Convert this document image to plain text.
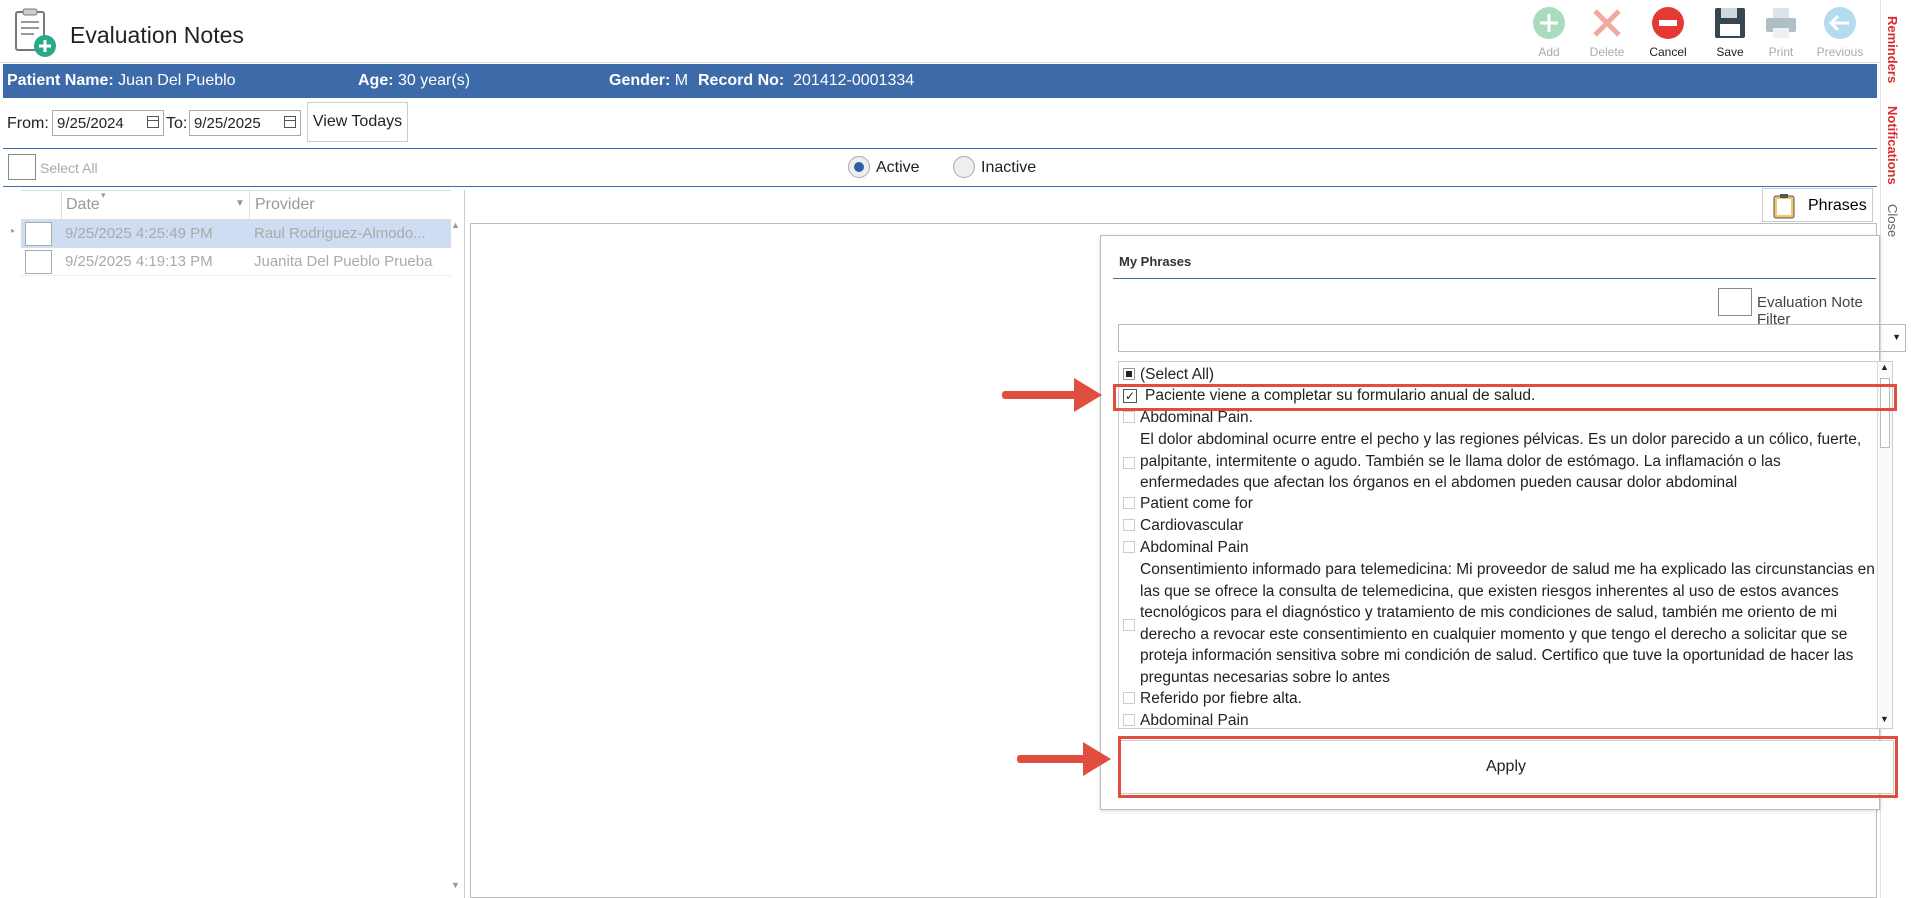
Evaluation Notes
Add	Delete	Cancel	Save	Print	Previous	Reminders
Notifications
Close
Patient Name: Juan Del Pueblo	Age: 30 year(s)	Gender: M Record No: 201412-0001334
From: 9/25/2024	To: 9/25/2025	View Todays
Select All	Active	Inactive
Date
▾
▼ Provider
▸	9/25/2025 4:25:49 PM	Raul Rodriguez-Almodo...
9/25/2025 4:19:13 PM	Juanita Del Pueblo Prueba
▲
▼
Phrases
My Phrases
Evaluation Note Filter
▼
(Select All)
✓ Paciente viene a completar su formulario anual de salud.
Abdominal Pain.
El dolor abdominal ocurre entre el pecho y las regiones pélvicas. Es un dolor parecido a un cólico, fuerte, palpitante, intermitente o agudo. También se le llama dolor de estómago. La inflamación o las enfermedades que afectan los órganos en el abdomen pueden causar dolor abdominal
Patient come for
Cardiovascular
Abdominal Pain
Consentimiento informado para telemedicina: Mi proveedor de salud me ha explicado las circunstancias en las que se ofrece la consulta de telemedicina, que existen riesgos inherentes al uso de estos avances tecnológicos para el diagnóstico y tratamiento de mis condiciones de salud, también me oriento de mi derecho a revocar este consentimiento en cualquier momento y que tengo el derecho a solicitar que se proteja información sensitiva sobre mi condición de salud. Certifico que tuve la oportunidad de hacer las preguntas necesarias sobre lo antes
Referido por fiebre alta.
Abdominal Pain
▲
▼
Apply
